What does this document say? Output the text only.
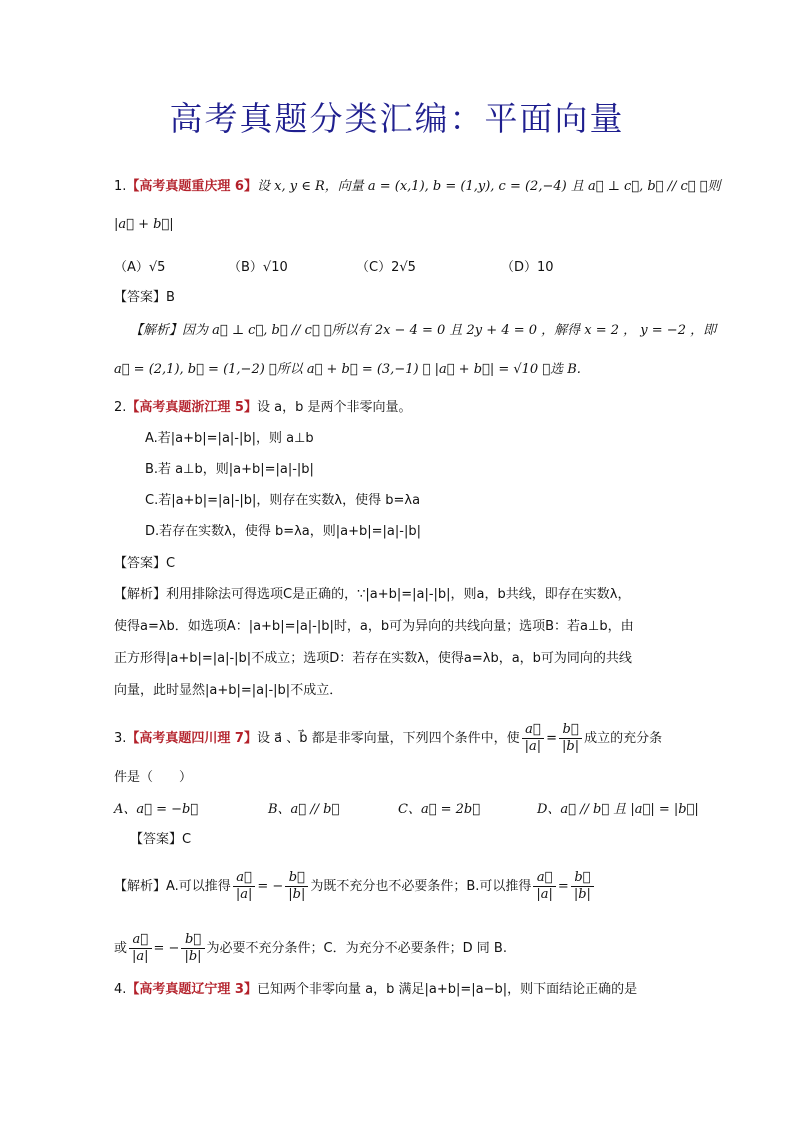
高考真题分类汇编：平面向量
1.【高考真题重庆理 6】设 x, y ∈ R，向量 a = (x,1), b = (1,y), c = (2,−4) 且 a⃗ ⊥ c⃗, b⃗ // c⃗ ，则
|a⃗ + b⃗|
（A）√5	（B）√10	（C）2√5	（D）10
【答案】B
【解析】因为 a⃗ ⊥ c⃗, b⃗ // c⃗ ，所以有 2x − 4 = 0 且 2y + 4 = 0 ，解得 x = 2 ， y = −2 ，即
a⃗ = (2,1), b⃗ = (1,−2) ，所以 a⃗ + b⃗ = (3,−1) ， |a⃗ + b⃗| = √10 ，选 B.
2.【高考真题浙江理 5】设 a，b 是两个非零向量。
A.若|a+b|=|a|-|b|，则 a⊥b
B.若 a⊥b，则|a+b|=|a|-|b|
C.若|a+b|=|a|-|b|，则存在实数λ，使得 b=λa
D.若存在实数λ，使得 b=λa，则|a+b|=|a|-|b|
【答案】C
【解析】利用排除法可得选项C是正确的，∵|a+b|=|a|-|b|，则a，b共线，即存在实数λ，
使得a=λb．如选项A：|a+b|=|a|-|b|时，a，b可为异向的共线向量；选项B：若a⊥b，由
正方形得|a+b|=|a|-|b|不成立；选项D：若存在实数λ，使得a=λb，a，b可为同向的共线
向量，此时显然|a+b|=|a|-|b|不成立．
3.【高考真题四川理 7】设 a⃗ 、b⃗ 都是非零向量，下列四个条件中，使 $\frac{a⃗}{|a|} = \frac{b⃗}{|b|}$ 成立的充分条
件是（　　）
A、a⃗ = −b⃗	B、a⃗ // b⃗	C、a⃗ = 2b⃗	D、a⃗ // b⃗ 且 |a⃗| = |b⃗|
【答案】C
【解析】A.可以推得 $\frac{a⃗}{|a|}$ = − $\frac{b⃗}{|b|}$ 为既不充分也不必要条件；B.可以推得 $\frac{a⃗}{|a|} = \frac{b⃗}{|b|}$
或 $\frac{a⃗}{|a|}$ = − $\frac{b⃗}{|b|}$ 为必要不充分条件；C．为充分不必要条件；D 同 B.
4.【高考真题辽宁理 3】已知两个非零向量 a，b 满足|a+b|=|a−b|，则下面结论正确的是
